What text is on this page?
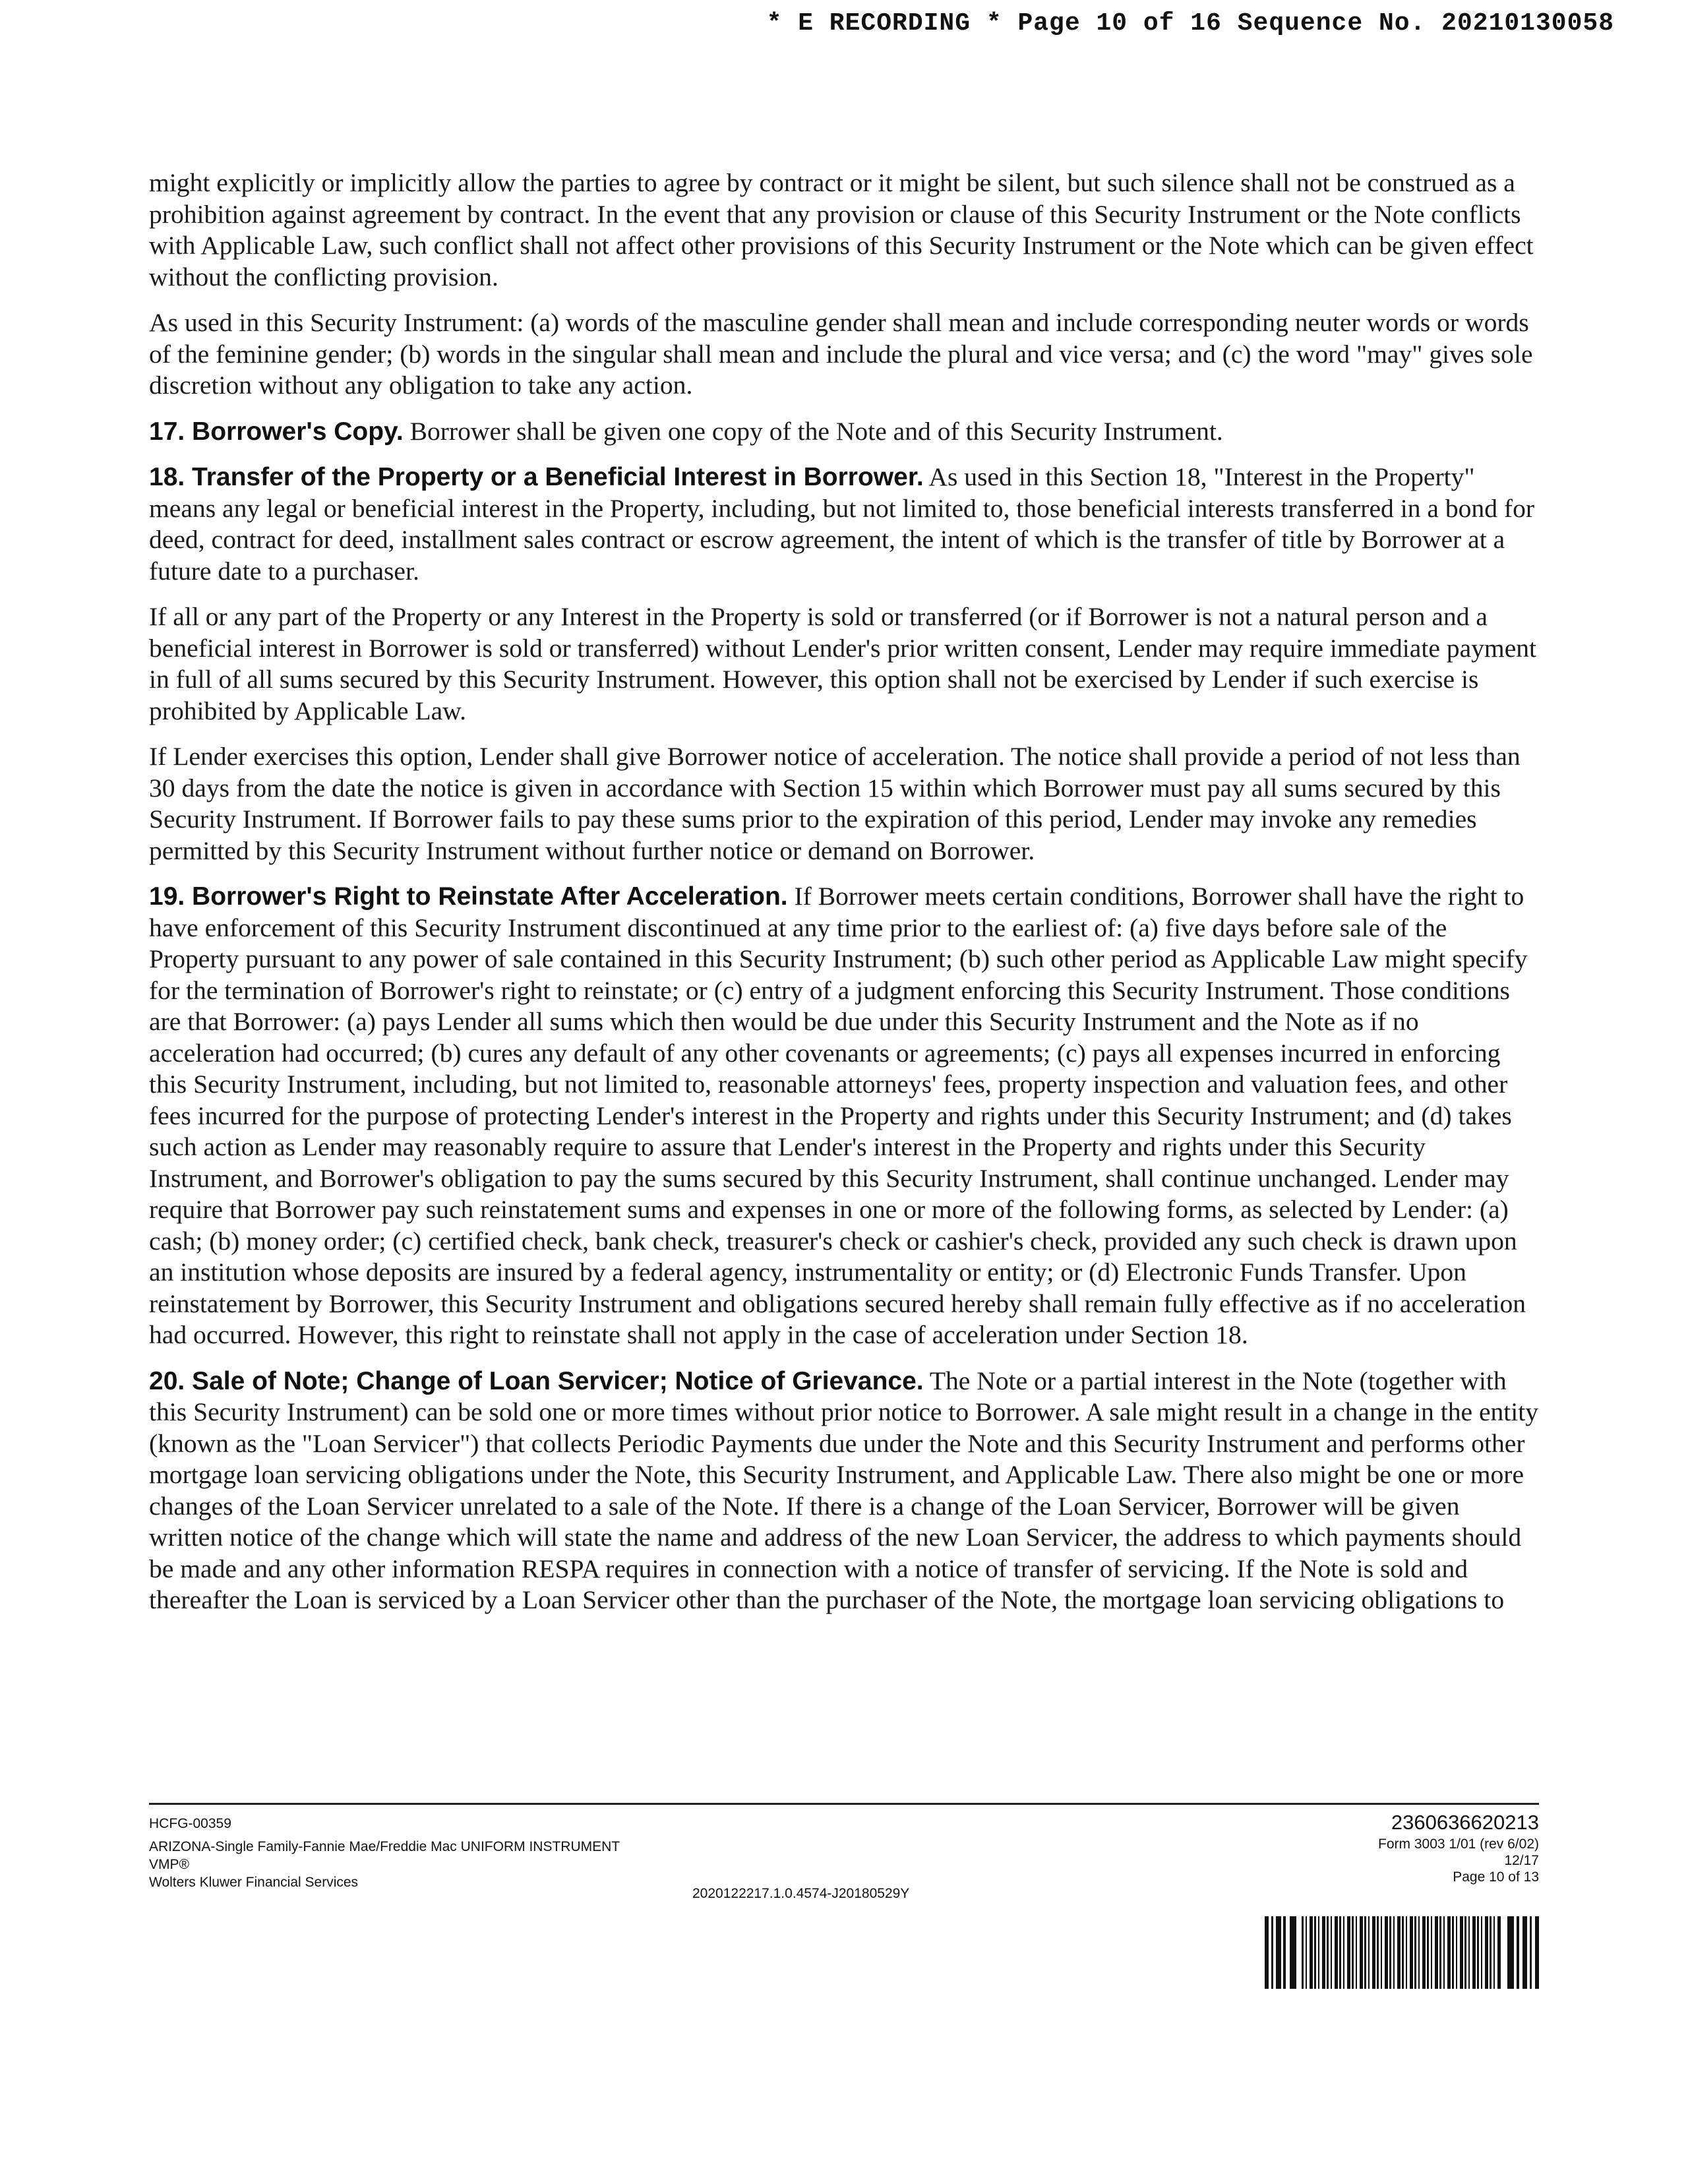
* E RECORDING * Page 10 of 16 Sequence No. 20210130058

might explicitly or implicitly allow the parties to agree by contract or it might be silent, but such silence shall not be construed as a prohibition against agreement by contract. In the event that any provision or clause of this Security Instrument or the Note conflicts with Applicable Law, such conflict shall not affect other provisions of this Security Instrument or the Note which can be given effect without the conflicting provision.

As used in this Security Instrument: (a) words of the masculine gender shall mean and include corresponding neuter words or words of the feminine gender; (b) words in the singular shall mean and include the plural and vice versa; and (c) the word "may" gives sole discretion without any obligation to take any action.

17. Borrower's Copy. Borrower shall be given one copy of the Note and of this Security Instrument.

18. Transfer of the Property or a Beneficial Interest in Borrower. As used in this Section 18, "Interest in the Property" means any legal or beneficial interest in the Property, including, but not limited to, those beneficial interests transferred in a bond for deed, contract for deed, installment sales contract or escrow agreement, the intent of which is the transfer of title by Borrower at a future date to a purchaser.

If all or any part of the Property or any Interest in the Property is sold or transferred (or if Borrower is not a natural person and a beneficial interest in Borrower is sold or transferred) without Lender's prior written consent, Lender may require immediate payment in full of all sums secured by this Security Instrument. However, this option shall not be exercised by Lender if such exercise is prohibited by Applicable Law.

If Lender exercises this option, Lender shall give Borrower notice of acceleration. The notice shall provide a period of not less than 30 days from the date the notice is given in accordance with Section 15 within which Borrower must pay all sums secured by this Security Instrument. If Borrower fails to pay these sums prior to the expiration of this period, Lender may invoke any remedies permitted by this Security Instrument without further notice or demand on Borrower.

19. Borrower's Right to Reinstate After Acceleration. If Borrower meets certain conditions, Borrower shall have the right to have enforcement of this Security Instrument discontinued at any time prior to the earliest of: (a) five days before sale of the Property pursuant to any power of sale contained in this Security Instrument; (b) such other period as Applicable Law might specify for the termination of Borrower's right to reinstate; or (c) entry of a judgment enforcing this Security Instrument. Those conditions are that Borrower: (a) pays Lender all sums which then would be due under this Security Instrument and the Note as if no acceleration had occurred; (b) cures any default of any other covenants or agreements; (c) pays all expenses incurred in enforcing this Security Instrument, including, but not limited to, reasonable attorneys' fees, property inspection and valuation fees, and other fees incurred for the purpose of protecting Lender's interest in the Property and rights under this Security Instrument; and (d) takes such action as Lender may reasonably require to assure that Lender's interest in the Property and rights under this Security Instrument, and Borrower's obligation to pay the sums secured by this Security Instrument, shall continue unchanged. Lender may require that Borrower pay such reinstatement sums and expenses in one or more of the following forms, as selected by Lender: (a) cash; (b) money order; (c) certified check, bank check, treasurer's check or cashier's check, provided any such check is drawn upon an institution whose deposits are insured by a federal agency, instrumentality or entity; or (d) Electronic Funds Transfer. Upon reinstatement by Borrower, this Security Instrument and obligations secured hereby shall remain fully effective as if no acceleration had occurred. However, this right to reinstate shall not apply in the case of acceleration under Section 18.

20. Sale of Note; Change of Loan Servicer; Notice of Grievance. The Note or a partial interest in the Note (together with this Security Instrument) can be sold one or more times without prior notice to Borrower. A sale might result in a change in the entity (known as the "Loan Servicer") that collects Periodic Payments due under the Note and this Security Instrument and performs other mortgage loan servicing obligations under the Note, this Security Instrument, and Applicable Law. There also might be one or more changes of the Loan Servicer unrelated to a sale of the Note. If there is a change of the Loan Servicer, Borrower will be given written notice of the change which will state the name and address of the new Loan Servicer, the address to which payments should be made and any other information RESPA requires in connection with a notice of transfer of servicing. If the Note is sold and thereafter the Loan is serviced by a Loan Servicer other than the purchaser of the Note, the mortgage loan servicing obligations to

HCFG-00359
ARIZONA-Single Family-Fannie Mae/Freddie Mac UNIFORM INSTRUMENT
VMP®
Wolters Kluwer Financial Services
2020122217.1.0.4574-J20180529Y
2360636620213
Form 3003 1/01 (rev 6/02)
12/17
Page 10 of 13
